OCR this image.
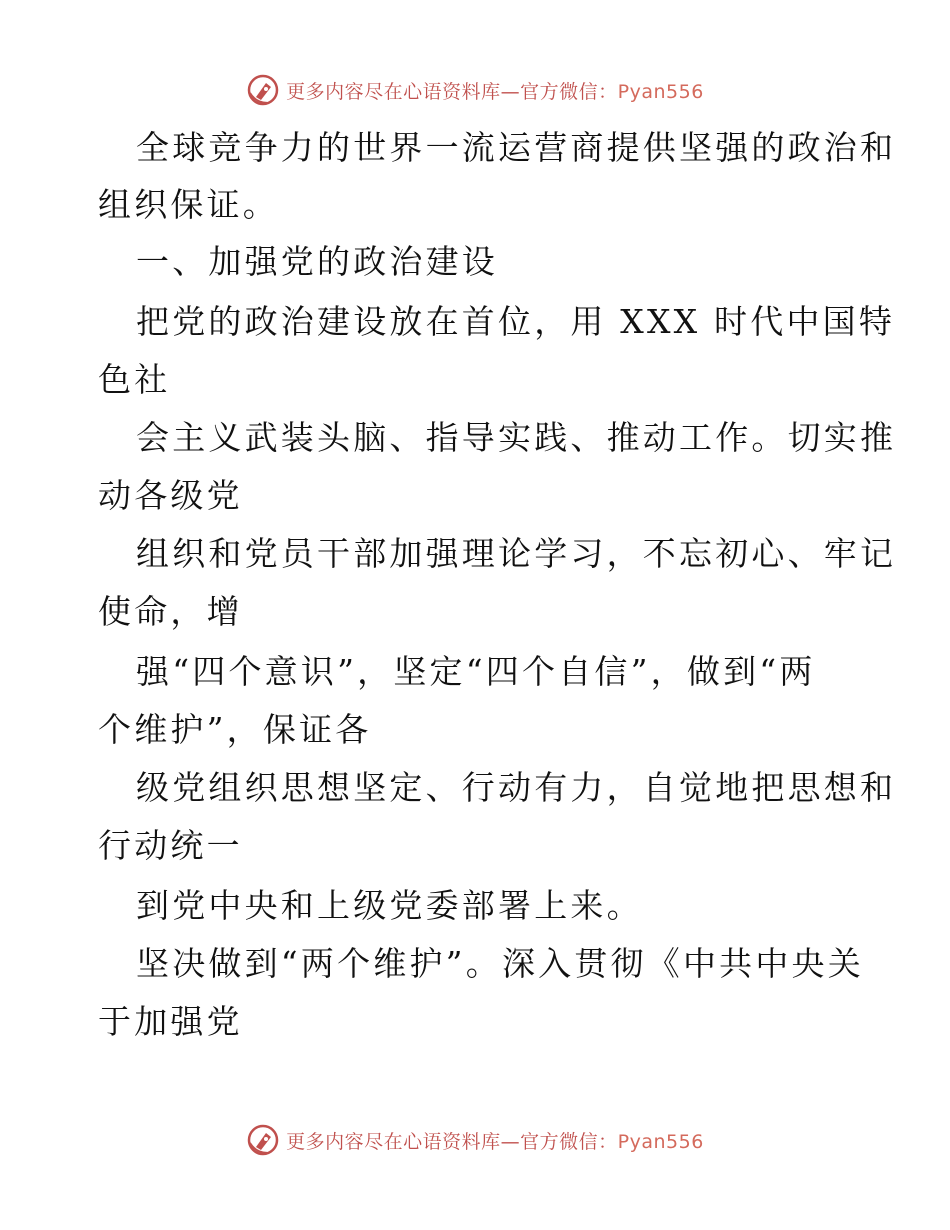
更多内容尽在心语资料库—官方微信：Pyan556
全球竞争力的世界一流运营商提供坚强的政治和
组织保证。
一、加强党的政治建设
把党的政治建设放在首位，用 XXX 时代中国特
色社
会主义武装头脑、指导实践、推动工作。切实推
动各级党
组织和党员干部加强理论学习，不忘初心、牢记
使命，增
强“四个意识”，坚定“四个自信”，做到“两
个维护”，保证各
级党组织思想坚定、行动有力，自觉地把思想和
行动统一
到党中央和上级党委部署上来。
坚决做到“两个维护”。深入贯彻《中共中央关
于加强党
更多内容尽在心语资料库—官方微信：Pyan556
